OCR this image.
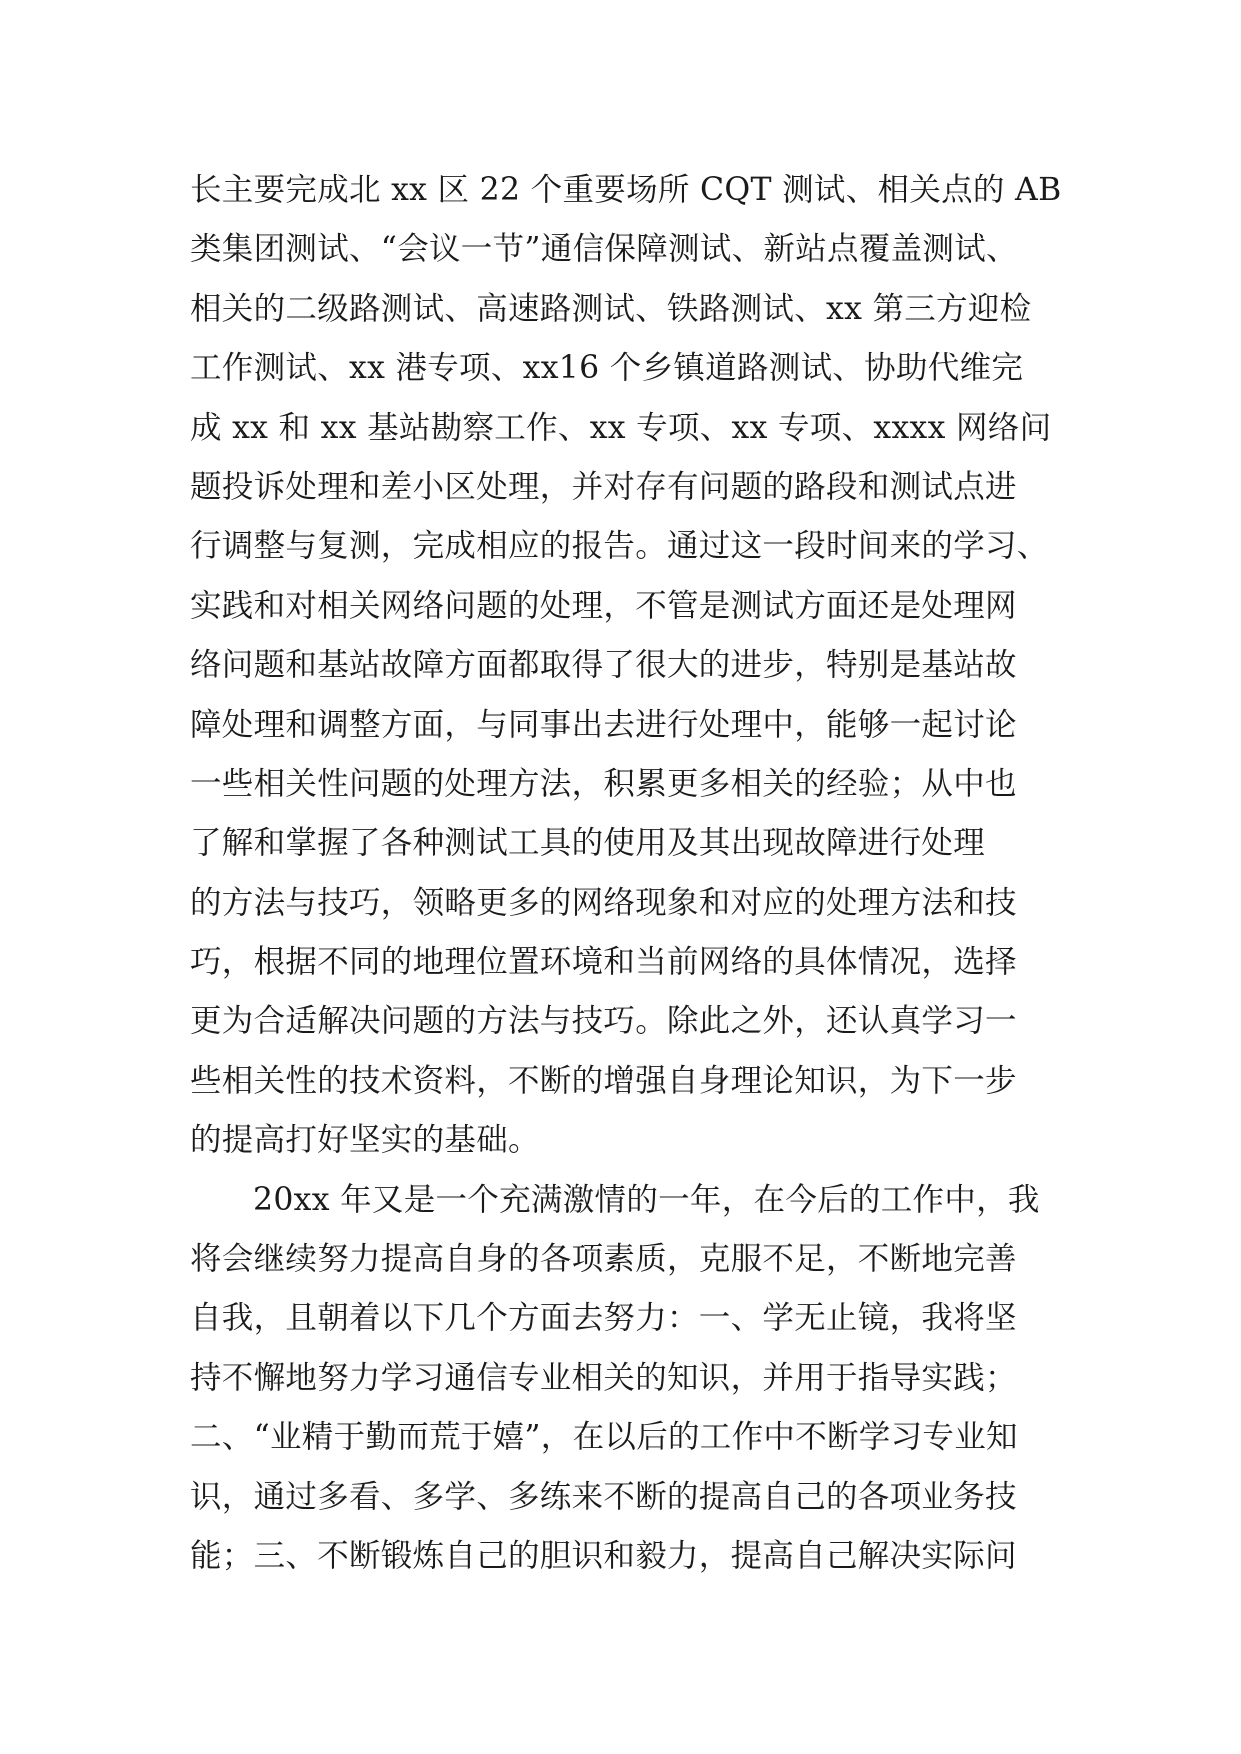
长主要完成北 xx 区 22 个重要场所 CQT 测试、相关点的 AB
类集团测试、“会议一节”通信保障测试、新站点覆盖测试、
相关的二级路测试、高速路测试、铁路测试、xx 第三方迎检
工作测试、xx 港专项、xx16 个乡镇道路测试、协助代维完
成 xx 和 xx 基站勘察工作、xx 专项、xx 专项、xxxx 网络问
题投诉处理和差小区处理，并对存有问题的路段和测试点进
行调整与复测，完成相应的报告。通过这一段时间来的学习、
实践和对相关网络问题的处理，不管是测试方面还是处理网
络问题和基站故障方面都取得了很大的进步，特别是基站故
障处理和调整方面，与同事出去进行处理中，能够一起讨论
一些相关性问题的处理方法，积累更多相关的经验；从中也
了解和掌握了各种测试工具的使用及其出现故障进行处理
的方法与技巧，领略更多的网络现象和对应的处理方法和技
巧，根据不同的地理位置环境和当前网络的具体情况，选择
更为合适解决问题的方法与技巧。除此之外，还认真学习一
些相关性的技术资料，不断的增强自身理论知识，为下一步
的提高打好坚实的基础。
20xx 年又是一个充满激情的一年，在今后的工作中，我
将会继续努力提高自身的各项素质，克服不足，不断地完善
自我，且朝着以下几个方面去努力：一、学无止镜，我将坚
持不懈地努力学习通信专业相关的知识，并用于指导实践；
二、“业精于勤而荒于嬉”，在以后的工作中不断学习专业知
识，通过多看、多学、多练来不断的提高自己的各项业务技
能；三、不断锻炼自己的胆识和毅力，提高自己解决实际问
